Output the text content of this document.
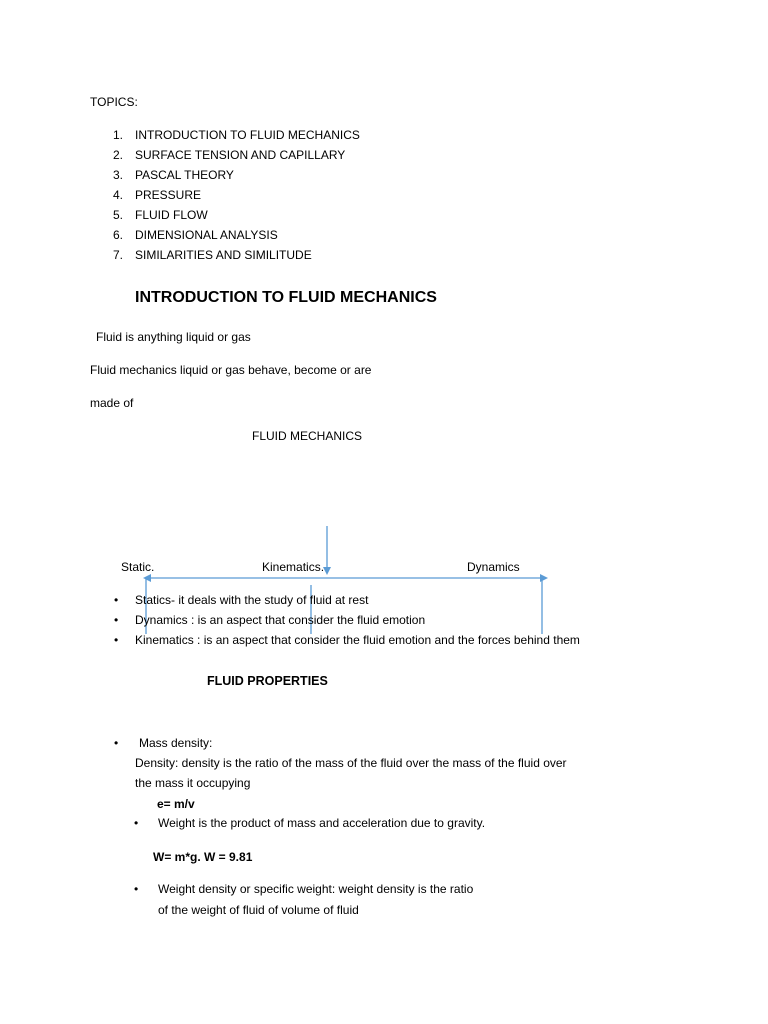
TOPICS:
1. INTRODUCTION TO FLUID MECHANICS
2. SURFACE TENSION AND CAPILLARY
3. PASCAL THEORY
4. PRESSURE
5. FLUID FLOW
6. DIMENSIONAL ANALYSIS
7. SIMILARITIES AND SIMILITUDE
INTRODUCTION TO FLUID MECHANICS
Fluid is anything liquid or gas
Fluid mechanics liquid or gas behave, become or are
made of
FLUID MECHANICS
Static.	Kinematics.	Dynamics
• Statics- it deals with the study of fluid at rest
• Dynamics : is an aspect that consider the fluid emotion
• Kinematics : is an aspect that consider the fluid emotion and the forces behind them
FLUID PROPERTIES
• Mass density:
Density: density is the ratio of the mass of the fluid over the mass of the fluid over
the mass it occupying
e= m/v
• Weight is the product of mass and acceleration due to gravity.
W= m*g. W = 9.81
• Weight density or specific weight: weight density is the ratio
of the weight of fluid of volume of fluid
